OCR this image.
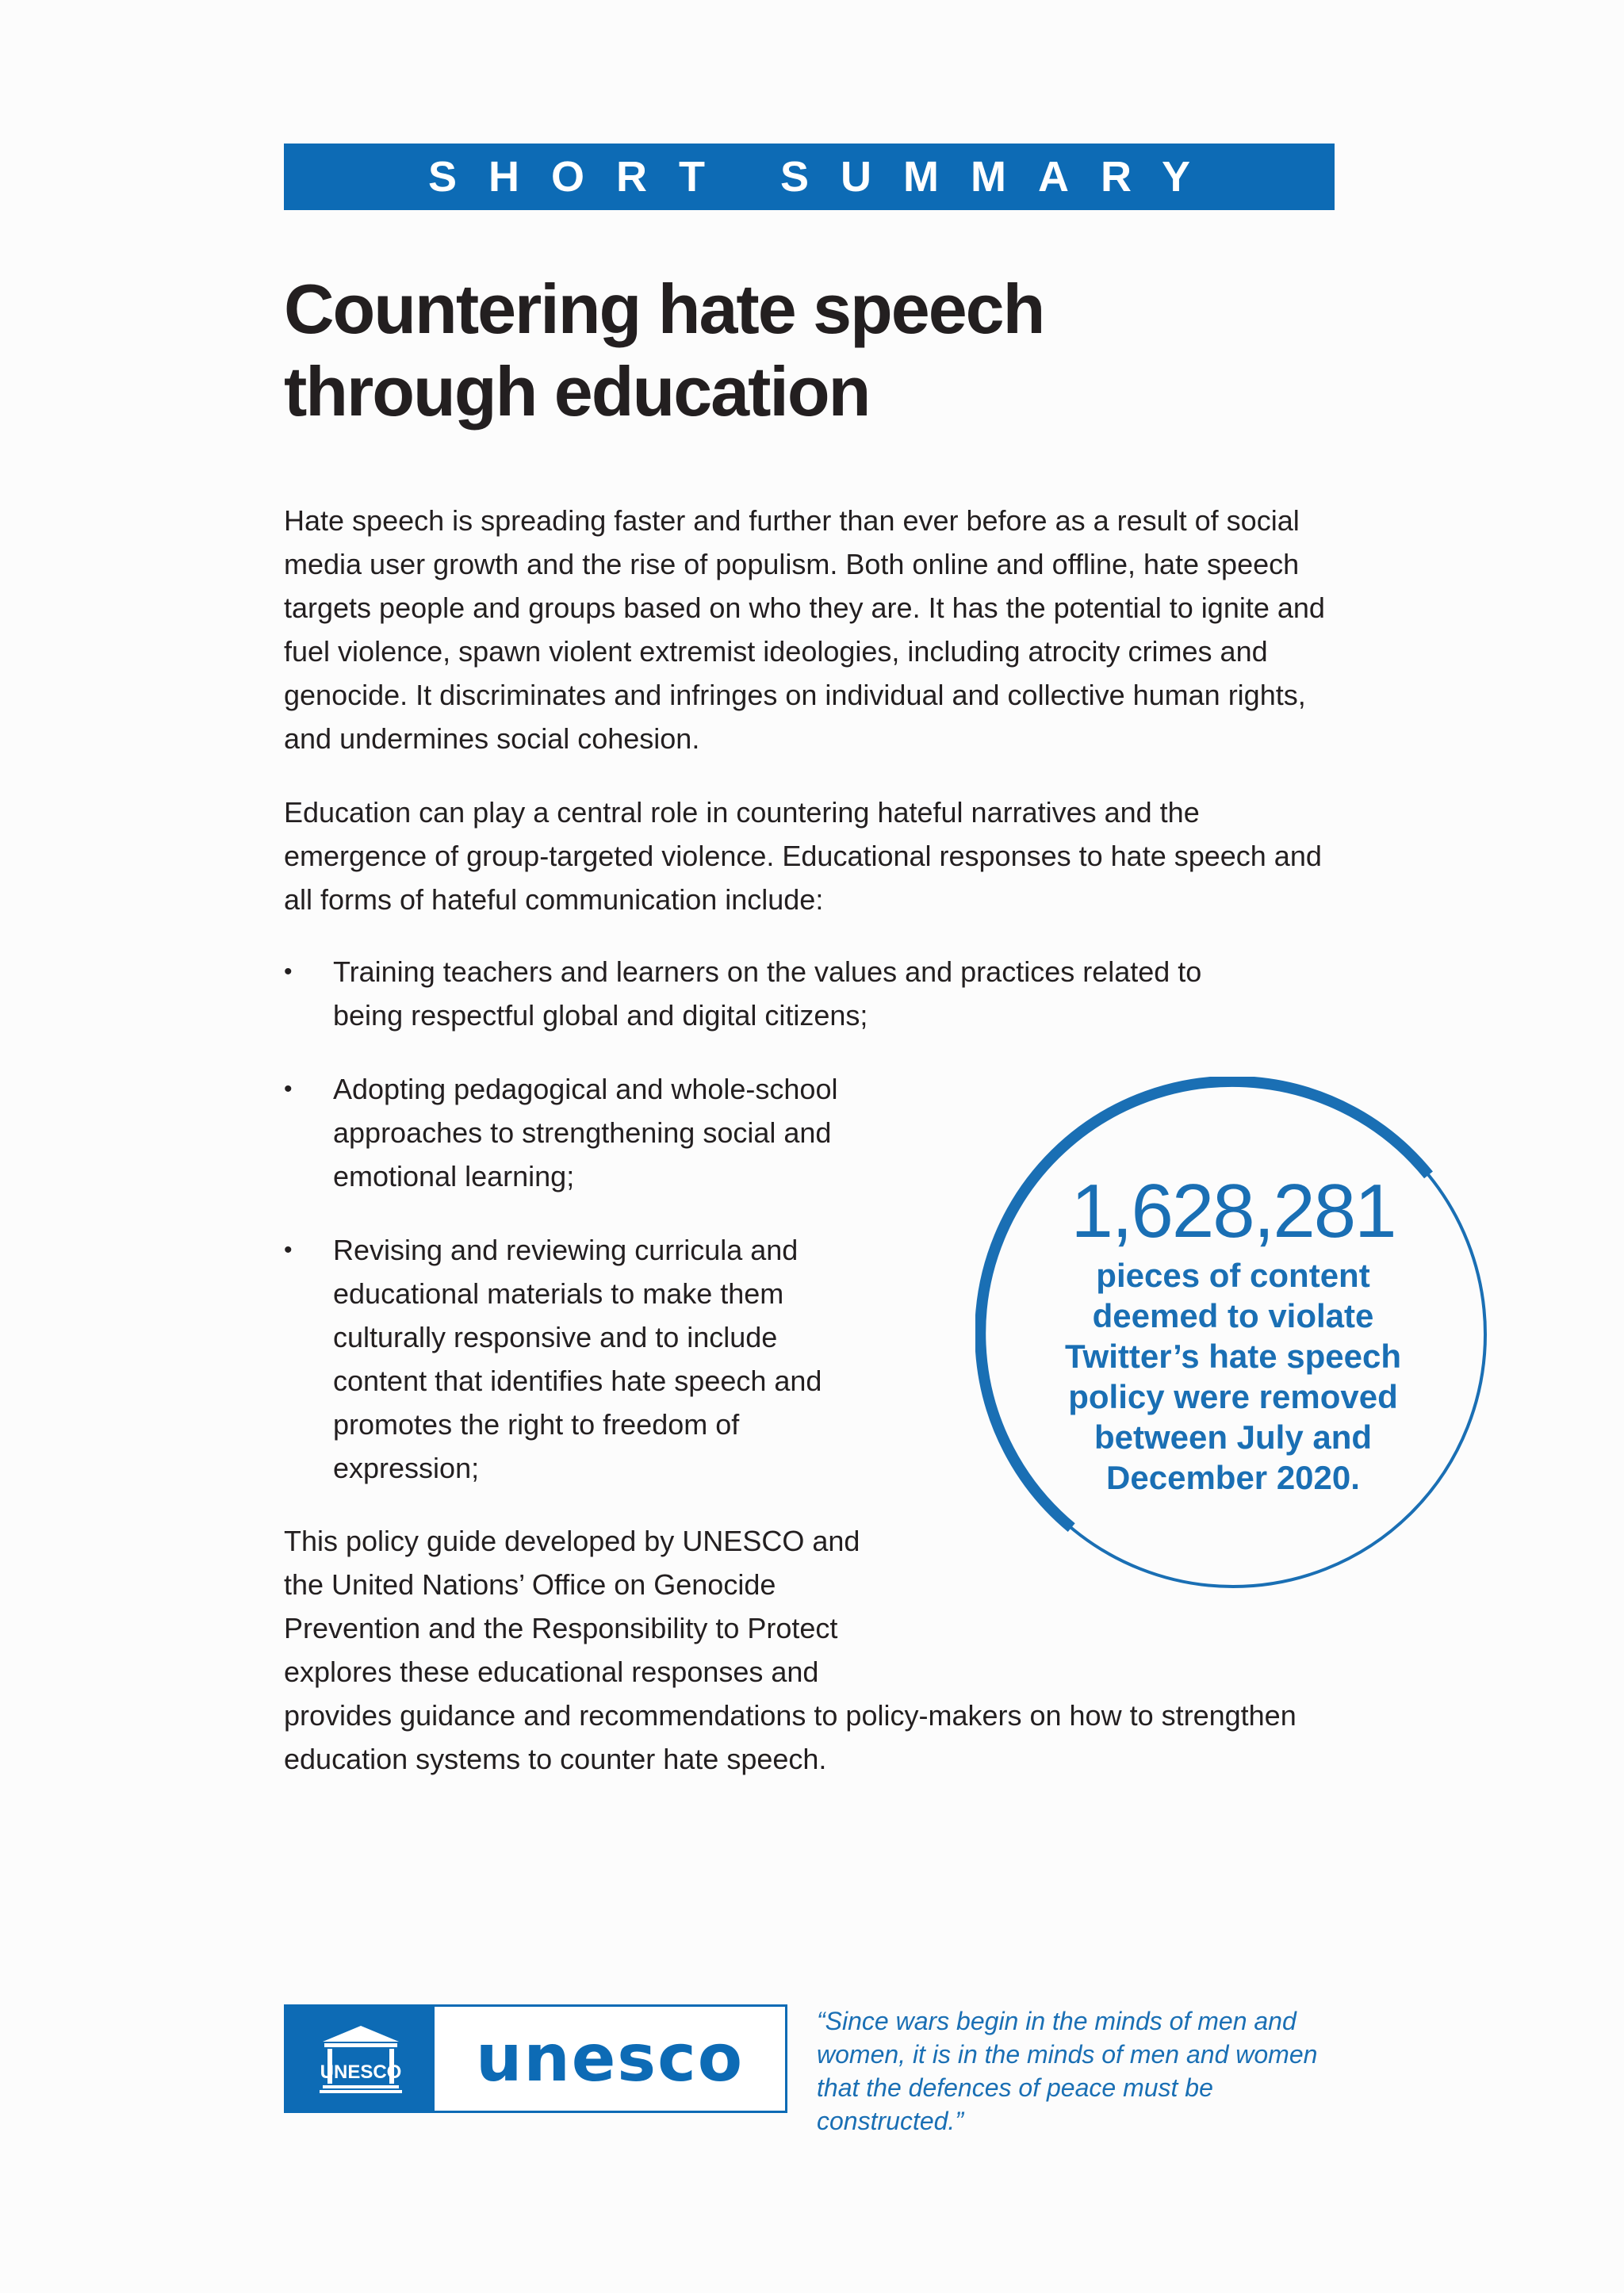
SHORT SUMMARY
Countering hate speech
through education

Hate speech is spreading faster and further than ever before as a result of social media user growth and the rise of populism. Both online and offline, hate speech targets people and groups based on who they are. It has the potential to ignite and fuel violence, spawn violent extremist ideologies, including atrocity crimes and genocide. It discriminates and infringes on individual and collective human rights, and undermines social cohesion.

Education can play a central role in countering hateful narratives and the emergence of group-targeted violence. Educational responses to hate speech and all forms of hateful communication include:

• Training teachers and learners on the values and practices related to being respectful global and digital citizens;
• Adopting pedagogical and whole-school approaches to strengthening social and emotional learning;
• Revising and reviewing curricula and educational materials to make them culturally responsive and to include content that identifies hate speech and promotes the right to freedom of expression;

This policy guide developed by UNESCO and the United Nations’ Office on Genocide Prevention and the Responsibility to Protect explores these educational responses and provides guidance and recommendations to policy-makers on how to strengthen education systems to counter hate speech.

1,628,281

pieces of content deemed to violate Twitter’s hate speech policy were removed between July and December 2020.

UNESCO	unesco	“Since wars begin in the minds of men and women, it is in the minds of men and women that the defences of peace must be constructed.”
